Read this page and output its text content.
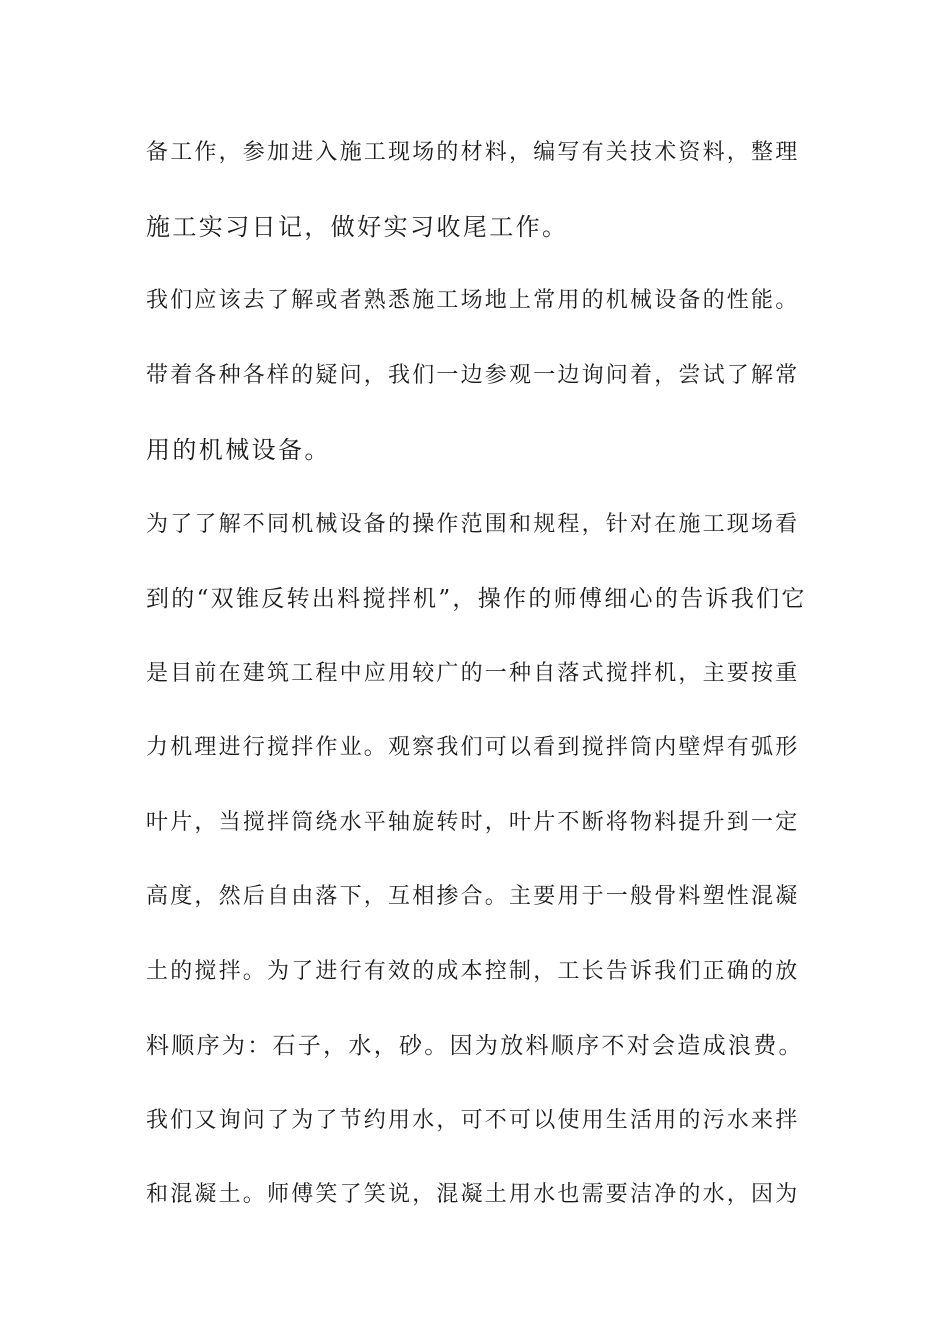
备工作，参加进入施工现场的材料，编写有关技术资料，整理
施工实习日记，做好实习收尾工作。
我们应该去了解或者熟悉施工场地上常用的机械设备的性能。
带着各种各样的疑问，我们一边参观一边询问着，尝试了解常
用的机械设备。
为了了解不同机械设备的操作范围和规程，针对在施工现场看
到的“双锥反转出料搅拌机”，操作的师傅细心的告诉我们它
是目前在建筑工程中应用较广的一种自落式搅拌机，主要按重
力机理进行搅拌作业。观察我们可以看到搅拌筒内壁焊有弧形
叶片，当搅拌筒绕水平轴旋转时，叶片不断将物料提升到一定
高度，然后自由落下，互相掺合。主要用于一般骨料塑性混凝
土的搅拌。为了进行有效的成本控制，工长告诉我们正确的放
料顺序为：石子，水，砂。因为放料顺序不对会造成浪费。
我们又询问了为了节约用水，可不可以使用生活用的污水来拌
和混凝土。师傅笑了笑说，混凝土用水也需要洁净的水，因为
